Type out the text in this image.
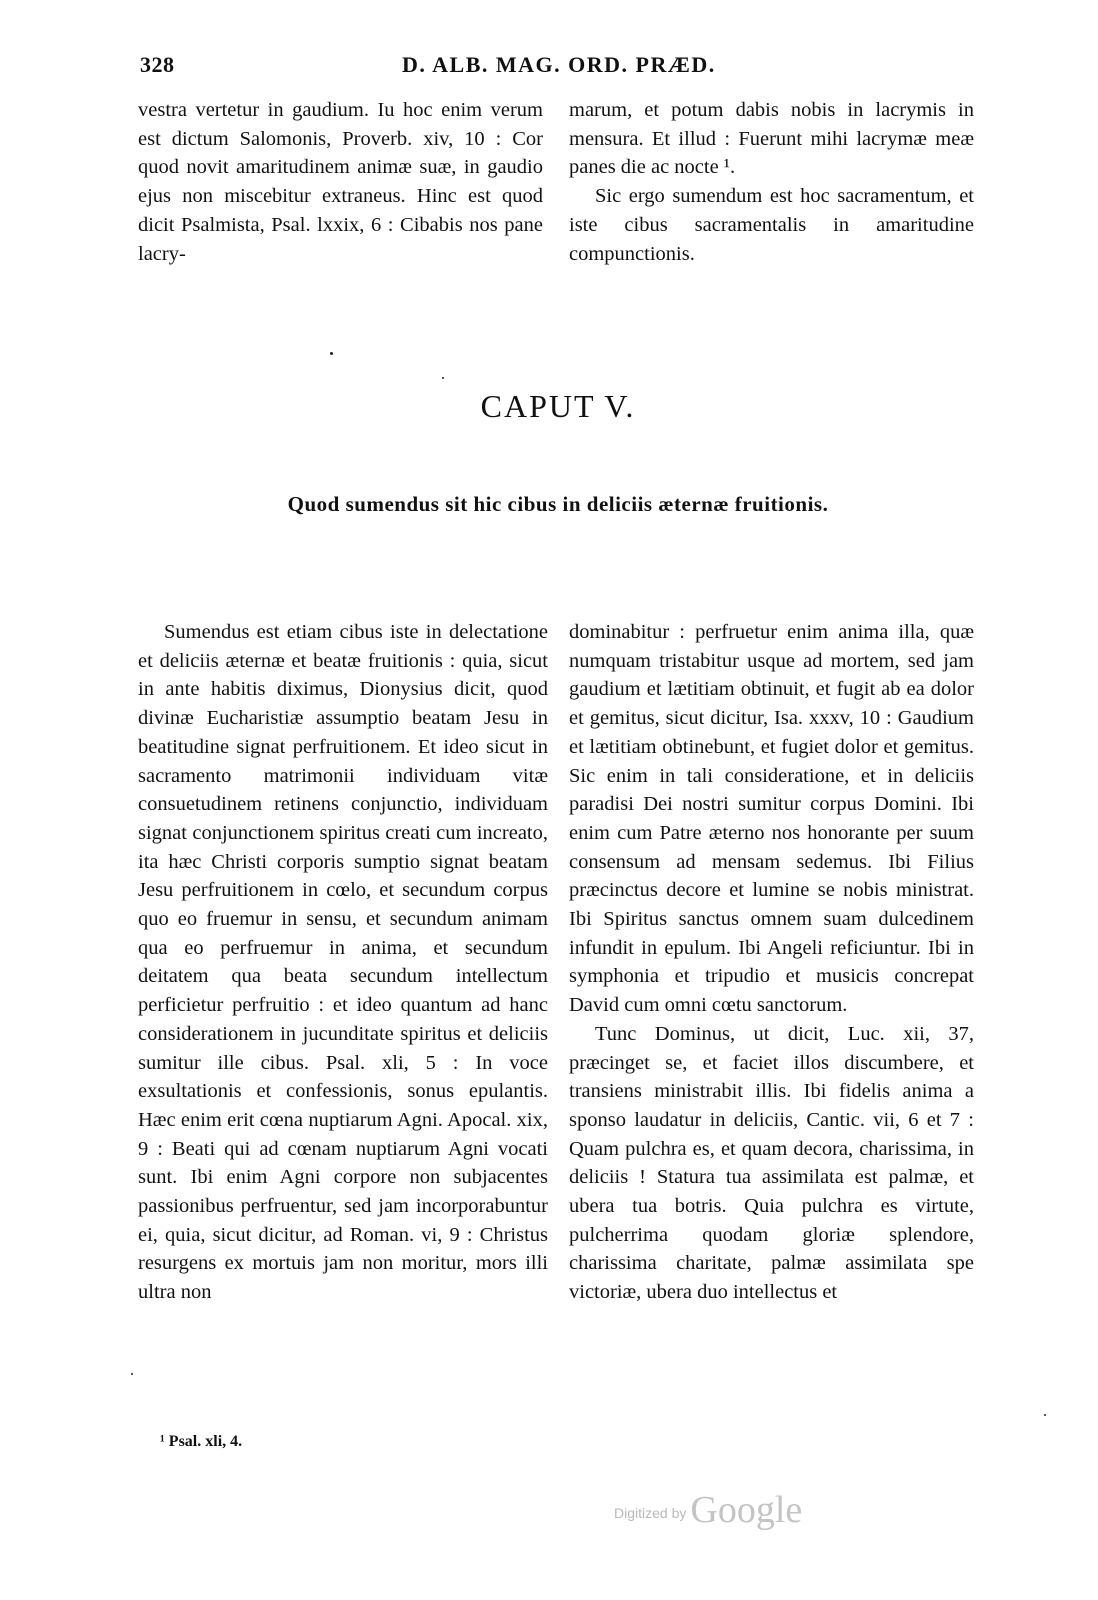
328	D. ALB. MAG. ORD. PRÆD.

vestra vertetur in gaudium. Iu hoc enim verum est dictum Salomonis, Proverb. xiv, 10 : Cor quod novit amaritudinem animæ suæ, in gaudio ejus non miscebitur extraneus. Hinc est quod dicit Psalmista, Psal. lxxix, 6 : Cibabis nos pane lacry-

marum, et potum dabis nobis in lacrymis in mensura. Et illud : Fuerunt mihi lacrymæ meæ panes die ac nocte ¹.

Sic ergo sumendum est hoc sacramentum, et iste cibus sacramentalis in amaritudine compunctionis.

CAPUT V.
Quod sumendus sit hic cibus in deliciis æternæ fruitionis.

Sumendus est etiam cibus iste in delectatione et deliciis æternæ et beatæ fruitionis : quia, sicut in ante habitis diximus, Dionysius dicit, quod divinæ Eucharistiæ assumptio beatam Jesu in beatitudine signat perfruitionem. Et ideo sicut in sacramento matrimonii individuam vitæ consuetudinem retinens conjunctio, individuam signat conjunctionem spiritus creati cum increato, ita hæc Christi corporis sumptio signat beatam Jesu perfruitionem in cœlo, et secundum corpus quo eo fruemur in sensu, et secundum animam qua eo perfruemur in anima, et secundum deitatem qua beata secundum intellectum perficietur perfruitio : et ideo quantum ad hanc considerationem in jucunditate spiritus et deliciis sumitur ille cibus. Psal. xli, 5 : In voce exsultationis et confessionis, sonus epulantis. Hæc enim erit cœna nuptiarum Agni. Apocal. xix, 9 : Beati qui ad cœnam nuptiarum Agni vocati sunt. Ibi enim Agni corpore non subjacentes passionibus perfruentur, sed jam incorporabuntur ei, quia, sicut dicitur, ad Roman. vi, 9 : Christus resurgens ex mortuis jam non moritur, mors illi ultra non

dominabitur : perfruetur enim anima illa, quæ numquam tristabitur usque ad mortem, sed jam gaudium et lætitiam obtinuit, et fugit ab ea dolor et gemitus, sicut dicitur, Isa. xxxv, 10 : Gaudium et lætitiam obtinebunt, et fugiet dolor et gemitus. Sic enim in tali consideratione, et in deliciis paradisi Dei nostri sumitur corpus Domini. Ibi enim cum Patre æterno nos honorante per suum consensum ad mensam sedemus. Ibi Filius præcinctus decore et lumine se nobis ministrat. Ibi Spiritus sanctus omnem suam dulcedinem infundit in epulum. Ibi Angeli reficiuntur. Ibi in symphonia et tripudio et musicis concrepat David cum omni cœtu sanctorum.

Tunc Dominus, ut dicit, Luc. xii, 37, præcinget se, et faciet illos discumbere, et transiens ministrabit illis. Ibi fidelis anima a sponso laudatur in deliciis, Cantic. vii, 6 et 7 : Quam pulchra es, et quam decora, charissima, in deliciis ! Statura tua assimilata est palmæ, et ubera tua botris. Quia pulchra es virtute, pulcherrima quodam gloriæ splendore, charissima charitate, palmæ assimilata spe victoriæ, ubera duo intellectus et

¹ Psal. xli, 4.
Digitized by Google
